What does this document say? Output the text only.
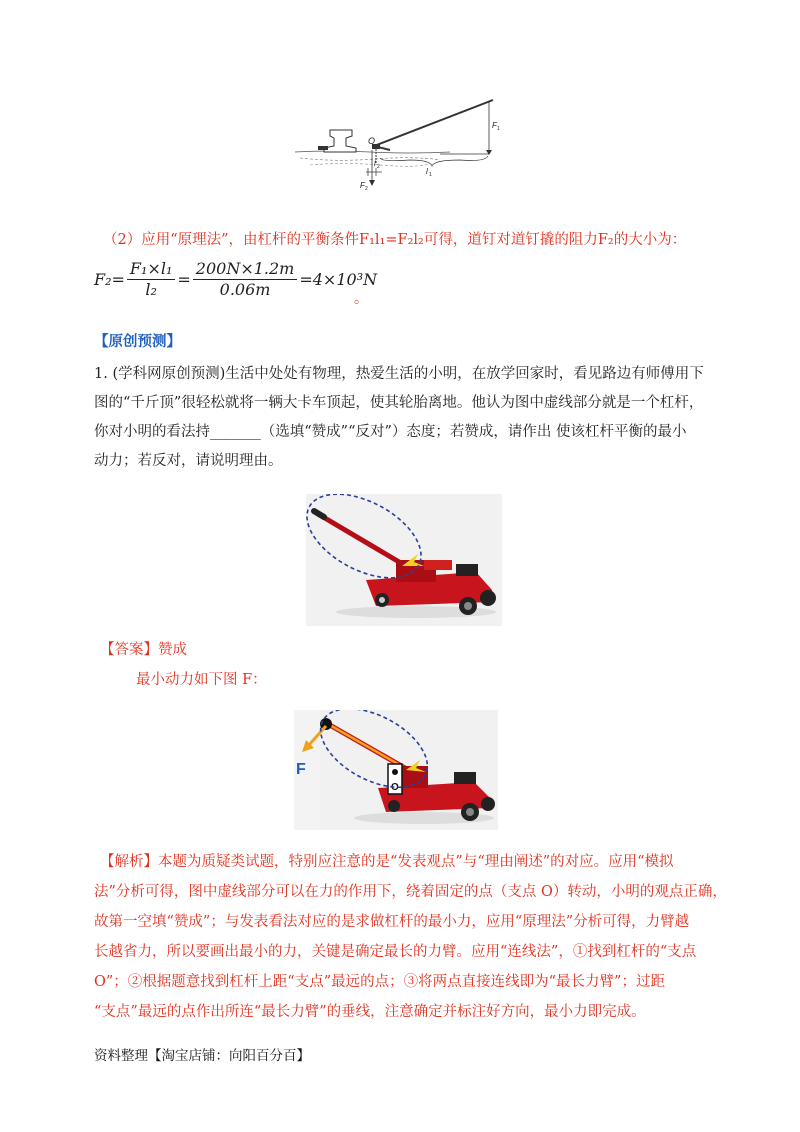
O
F 1
l 1
l 2
F 2
（2）应用“原理法”，由杠杆的平衡条件F₁l₁=F₂l₂可得，道钉对道钉撬的阻力F₂的大小为：
$F_2= \frac{\text{F₁×l₁}}{\text{l₂}} = \frac{200N\times 1.2m}{0.06m} =4\times 10^3N$
。
【原创预测】
1. (学科网原创预测)生活中处处有物理，热爱生活的小明，在放学回家时，看见路边有师傅用下
图的“千斤顶”很轻松就将一辆大卡车顶起，使其轮胎离地。他认为图中虚线部分就是一个杠杆，
你对小明的看法持_______（选填“赞成”“反对”）态度；若赞成，请作出 使该杠杆平衡的最小
动力；若反对，请说明理由。
【答案】赞成
最小动力如下图 F：
O
F
【解析】本题为质疑类试题，特别应注意的是“发表观点”与“理由阐述”的对应。应用“模拟
法”分析可得，图中虚线部分可以在力的作用下，绕着固定的点（支点 O）转动，小明的观点正确，
故第一空填“赞成”；与发表看法对应的是求做杠杆的最小力，应用“原理法”分析可得，力臂越
长越省力，所以要画出最小的力，关键是确定最长的力臂。应用“连线法”，①找到杠杆的“支点
O”；②根据题意找到杠杆上距“支点”最远的点；③将两点直接连线即为“最长力臂”；过距
“支点”最远的点作出所连“最长力臂”的垂线，注意确定并标注好方向，最小力即完成。
资料整理【淘宝店铺：向阳百分百】
